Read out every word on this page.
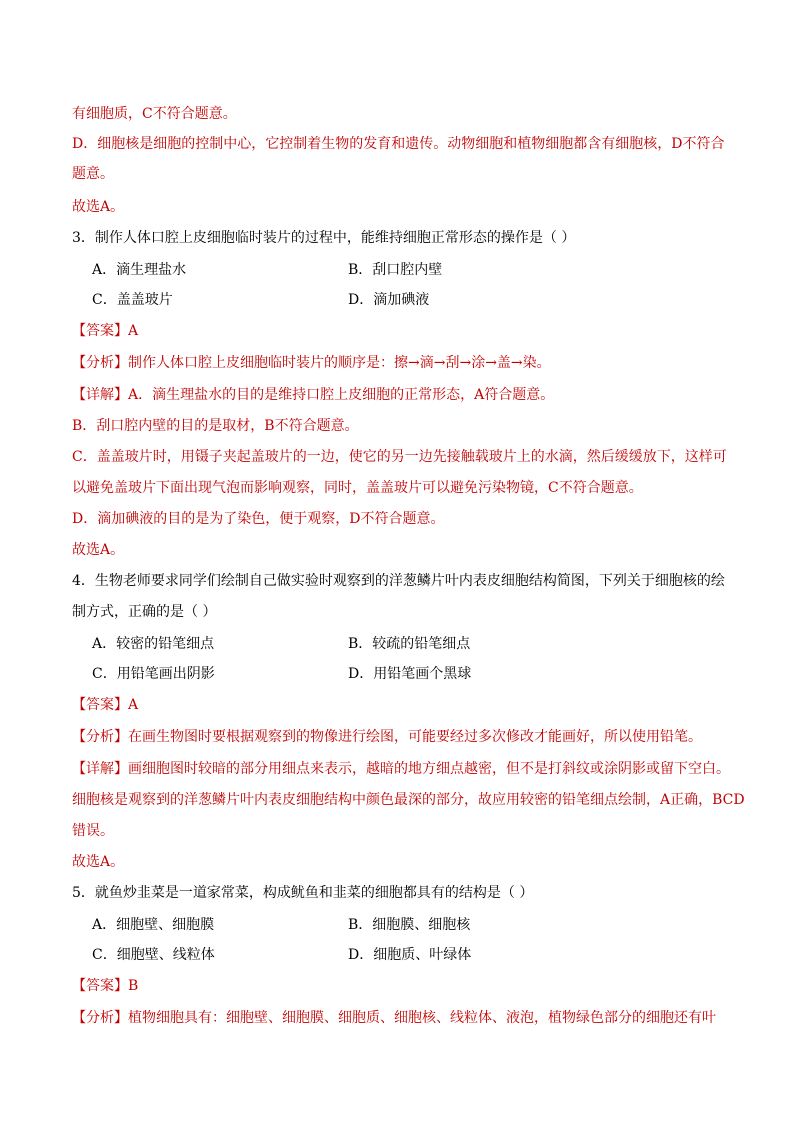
有细胞质，C不符合题意。
D．细胞核是细胞的控制中心，它控制着生物的发育和遗传。动物细胞和植物细胞都含有细胞核，D不符合
题意。
故选A。
3．制作人体口腔上皮细胞临时装片的过程中，能维持细胞正常形态的操作是（ ）
A．滴生理盐水	B．刮口腔内壁
C．盖盖玻片	D．滴加碘液
【答案】A
【分析】制作人体口腔上皮细胞临时装片的顺序是：擦→滴→刮→涂→盖→染。
【详解】A．滴生理盐水的目的是维持口腔上皮细胞的正常形态，A符合题意。
B．刮口腔内壁的目的是取材，B不符合题意。
C．盖盖玻片时，用镊子夹起盖玻片的一边，使它的另一边先接触载玻片上的水滴，然后缓缓放下，这样可
以避免盖玻片下面出现气泡而影响观察，同时，盖盖玻片可以避免污染物镜，C不符合题意。
D．滴加碘液的目的是为了染色，便于观察，D不符合题意。
故选A。
4．生物老师要求同学们绘制自己做实验时观察到的洋葱鳞片叶内表皮细胞结构简图，下列关于细胞核的绘
制方式，正确的是（ ）
A．较密的铅笔细点	B．较疏的铅笔细点
C．用铅笔画出阴影	D．用铅笔画个黑球
【答案】A
【分析】在画生物图时要根据观察到的物像进行绘图，可能要经过多次修改才能画好，所以使用铅笔。
【详解】画细胞图时较暗的部分用细点来表示，越暗的地方细点越密，但不是打斜纹或涂阴影或留下空白。
细胞核是观察到的洋葱鳞片叶内表皮细胞结构中颜色最深的部分，故应用较密的铅笔细点绘制，A正确，BCD
错误。
故选A。
5．就鱼炒韭菜是一道家常菜，构成鱿鱼和韭菜的细胞都具有的结构是（ ）
A．细胞壁、细胞膜	B．细胞膜、细胞核
C．细胞壁、线粒体	D．细胞质、叶绿体
【答案】B
【分析】植物细胞具有：细胞壁、细胞膜、细胞质、细胞核、线粒体、液泡，植物绿色部分的细胞还有叶
